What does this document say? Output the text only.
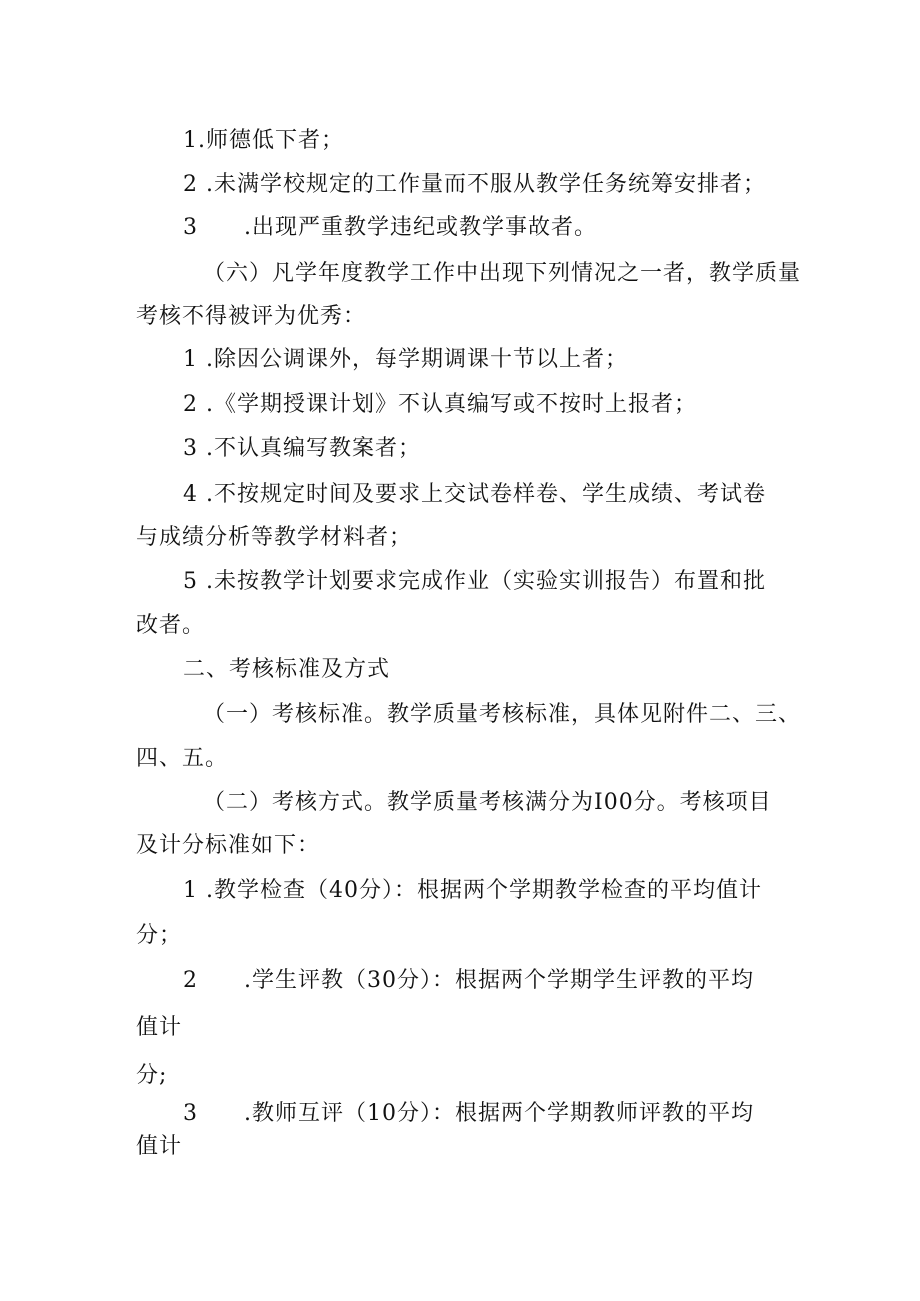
1.师德低下者；
2 .未满学校规定的工作量而不服从教学任务统筹安排者；
3　　.出现严重教学违纪或教学事故者。
（六）凡学年度教学工作中出现下列情况之一者，教学质量
考核不得被评为优秀：
1 .除因公调课外，每学期调课十节以上者；
2 .《学期授课计划》不认真编写或不按时上报者；
3 .不认真编写教案者；
4 .不按规定时间及要求上交试卷样卷、学生成绩、考试卷
与成绩分析等教学材料者；
5 .未按教学计划要求完成作业（实验实训报告）布置和批
改者。
二、考核标准及方式
（一）考核标准。教学质量考核标准，具体见附件二、三、
四、五。
（二）考核方式。教学质量考核满分为I00分。考核项目
及计分标准如下：
1 .教学检查（40分）：根据两个学期教学检查的平均值计
分；
2　　.学生评教（30分）：根据两个学期学生评教的平均
值计
分;
3　　.教师互评（10分）：根据两个学期教师评教的平均
值计
